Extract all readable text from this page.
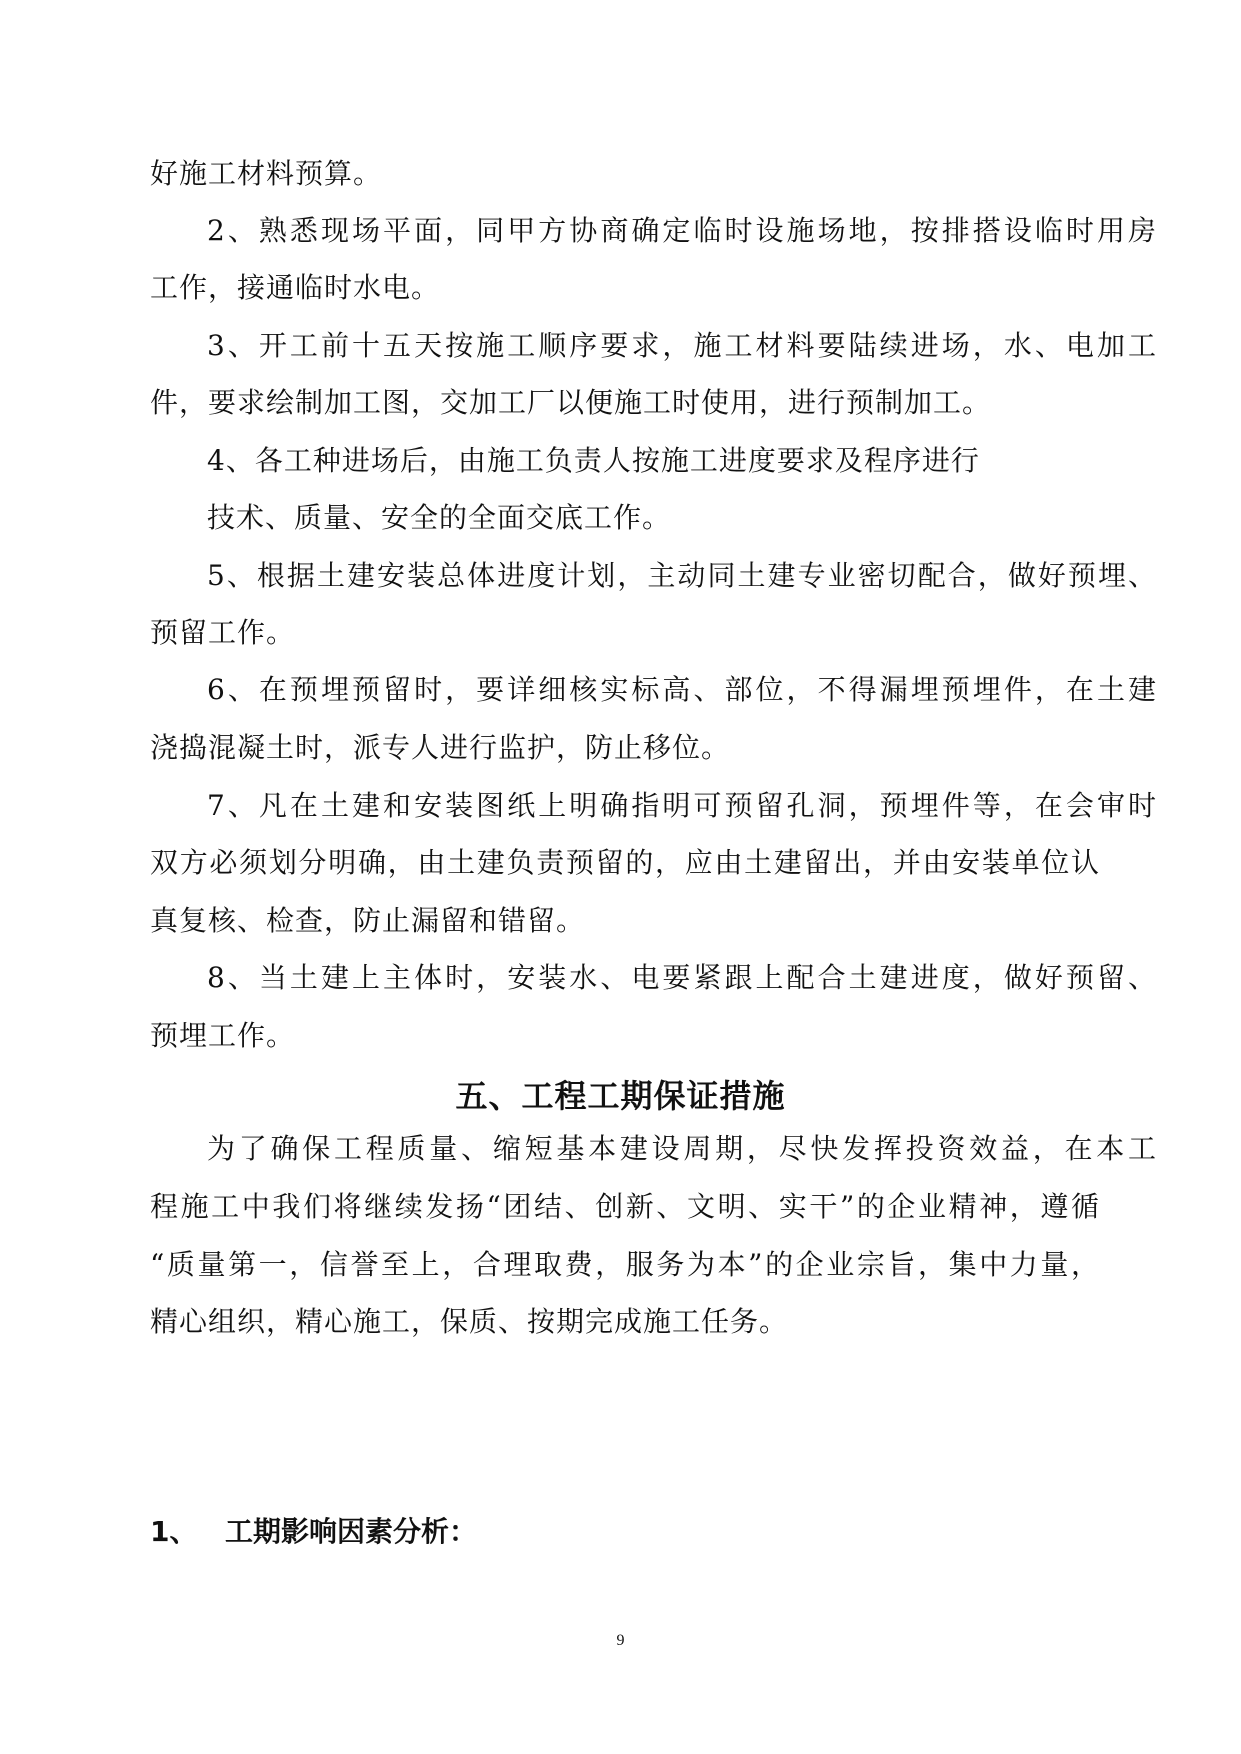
好施工材料预算。

2、熟悉现场平面，同甲方协商确定临时设施场地，按排搭设临时用房

工作，接通临时水电。

3、开工前十五天按施工顺序要求，施工材料要陆续进场，水、电加工

件，要求绘制加工图，交加工厂以便施工时使用，进行预制加工。

4、各工种进场后，由施工负责人按施工进度要求及程序进行

技术、质量、安全的全面交底工作。

5、根据土建安装总体进度计划，主动同土建专业密切配合，做好预埋、

预留工作。

6、在预埋预留时，要详细核实标高、部位，不得漏埋预埋件，在土建

浇捣混凝土时，派专人进行监护，防止移位。

7、凡在土建和安装图纸上明确指明可预留孔洞，预埋件等，在会审时

双方必须划分明确，由土建负责预留的，应由土建留出，并由安装单位认

真复核、检查，防止漏留和错留。

8、当土建上主体时，安装水、电要紧跟上配合土建进度，做好预留、

预埋工作。

五、工程工期保证措施

为了确保工程质量、缩短基本建设周期，尽快发挥投资效益，在本工

程施工中我们将继续发扬“团结、创新、文明、实干”的企业精神，遵循

“质量第一，信誉至上，合理取费，服务为本”的企业宗旨，集中力量，

精心组织，精心施工，保质、按期完成施工任务。

1、 工期影响因素分析：
9
